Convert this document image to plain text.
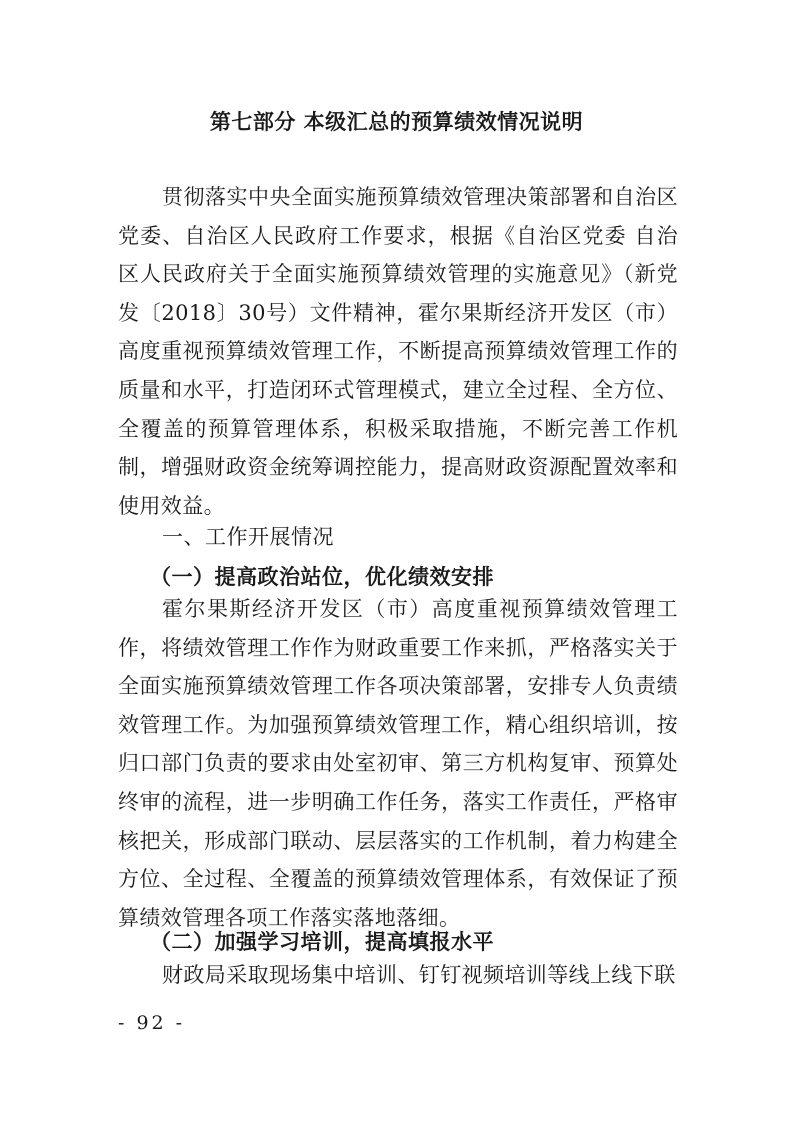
第七部分 本级汇总的预算绩效情况说明

贯彻落实中央全面实施预算绩效管理决策部署和自治区党委、自治区人民政府工作要求，根据《自治区党委 自治区人民政府关于全面实施预算绩效管理的实施意见》（新党发〔2018〕30号）文件精神，霍尔果斯经济开发区（市）高度重视预算绩效管理工作，不断提高预算绩效管理工作的质量和水平，打造闭环式管理模式，建立全过程、全方位、全覆盖的预算管理体系，积极采取措施，不断完善工作机制，增强财政资金统筹调控能力，提高财政资源配置效率和使用效益。

一、工作开展情况

（一）提高政治站位，优化绩效安排

霍尔果斯经济开发区（市）高度重视预算绩效管理工作，将绩效管理工作作为财政重要工作来抓，严格落实关于全面实施预算绩效管理工作各项决策部署，安排专人负责绩效管理工作。为加强预算绩效管理工作，精心组织培训，按归口部门负责的要求由处室初审、第三方机构复审、预算处终审的流程，进一步明确工作任务，落实工作责任，严格审核把关，形成部门联动、层层落实的工作机制，着力构建全方位、全过程、全覆盖的预算绩效管理体系，有效保证了预算绩效管理各项工作落实落地落细。

（二）加强学习培训，提高填报水平

财政局采取现场集中培训、钉钉视频培训等线上线下联

- 92 -
